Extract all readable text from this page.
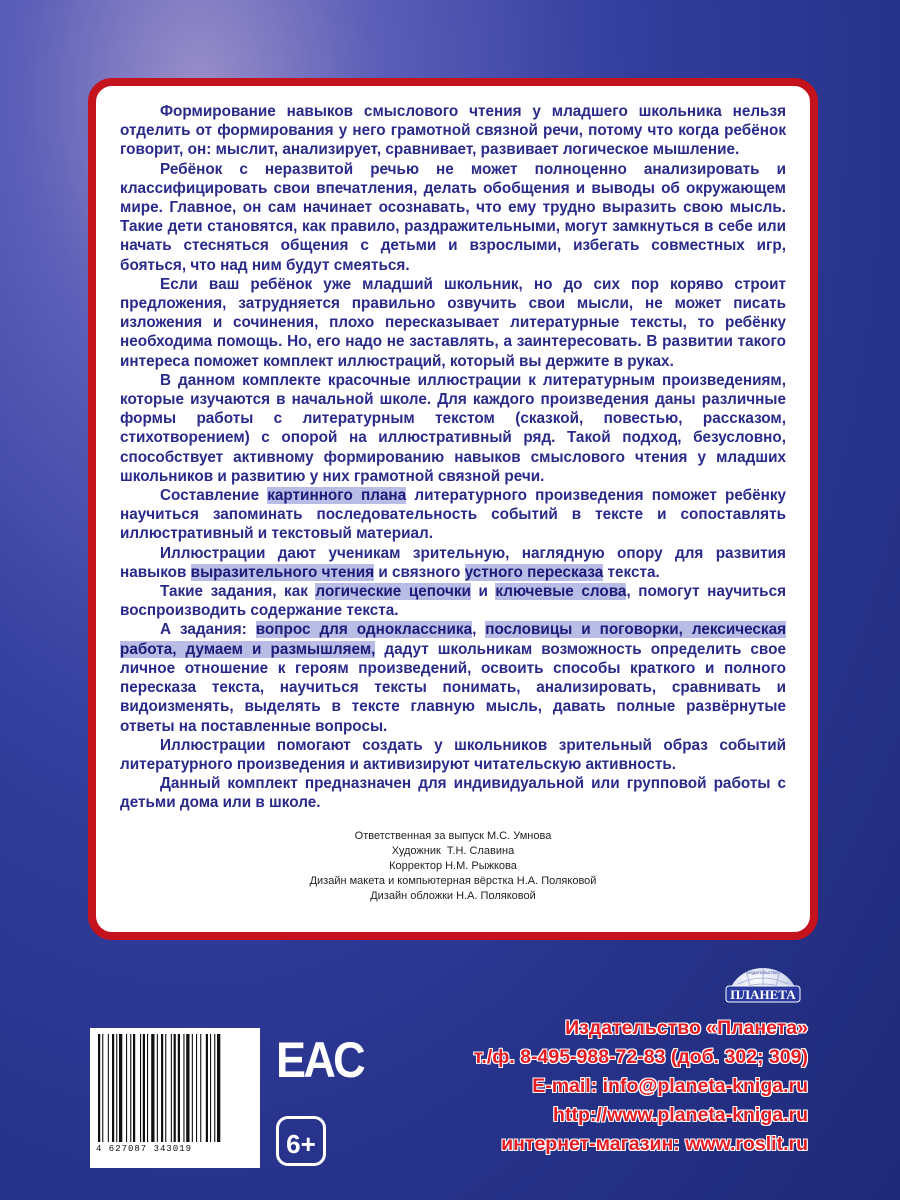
Формирование навыков смыслового чтения у младшего школьника нельзя отделить от формирования у него грамотной связной речи, потому что когда ребёнок говорит, он: мыслит, анализирует, сравнивает, развивает логическое мышление.

Ребёнок с неразвитой речью не может полноценно анализировать и классифицировать свои впечатления, делать обобщения и выводы об окружающем мире. Главное, он сам начинает осознавать, что ему трудно выразить свою мысль. Такие дети становятся, как правило, раздражительными, могут замкнуться в себе или начать стесняться общения с детьми и взрослыми, избегать совместных игр, бояться, что над ним будут смеяться.

Если ваш ребёнок уже младший школьник, но до сих пор коряво строит предложения, затрудняется правильно озвучить свои мысли, не может писать изложения и сочинения, плохо пересказывает литературные тексты, то ребёнку необходима помощь. Но, его надо не заставлять, а заинтересовать. В развитии такого интереса поможет комплект иллюстраций, который вы держите в руках.

В данном комплекте красочные иллюстрации к литературным произведениям, которые изучаются в начальной школе. Для каждого произведения даны различные формы работы с литературным текстом (сказкой, повестью, рассказом, стихотворением) с опорой на иллюстративный ряд. Такой подход, безусловно, способствует активному формированию навыков смыслового чтения у младших школьников и развитию у них грамотной связной речи.

Составление картинного плана литературного произведения поможет ребёнку научиться запоминать последовательность событий в тексте и сопоставлять иллюстративный и текстовый материал.

Иллюстрации дают ученикам зрительную, наглядную опору для развития навыков выразительного чтения и связного устного пересказа текста.

Такие задания, как логические цепочки и ключевые слова, помогут научиться воспроизводить содержание текста.

А задания: вопрос для одноклассника, пословицы и поговорки, лексическая работа, думаем и размышляем, дадут школьникам возможность определить свое личное отношение к героям произведений, освоить способы краткого и полного пересказа текста, научиться тексты понимать, анализировать, сравнивать и видоизменять, выделять в тексте главную мысль, давать полные развёрнутые ответы на поставленные вопросы.

Иллюстрации помогают создать у школьников зрительный образ событий литературного произведения и активизируют читательскую активность.

Данный комплект предназначен для индивидуальной или групповой работы с детьми дома или в школе.

Ответственная за выпуск М.С. Умнова
Художник  Т.Н. Славина
Корректор Н.М. Рыжкова
Дизайн макета и компьютерная вёрстка Н.А. Поляковой
Дизайн обложки Н.А. Поляковой
ПЛАНЕТА
ИЗДАТЕЛЬСТВО
4 627087 343019
EAC
6+
Издательство «Планета»
т./ф. 8-495-988-72-83 (доб. 302; 309)
E-mail: info@planeta-kniga.ru
http://www.planeta-kniga.ru
интернет-магазин: www.roslit.ru
